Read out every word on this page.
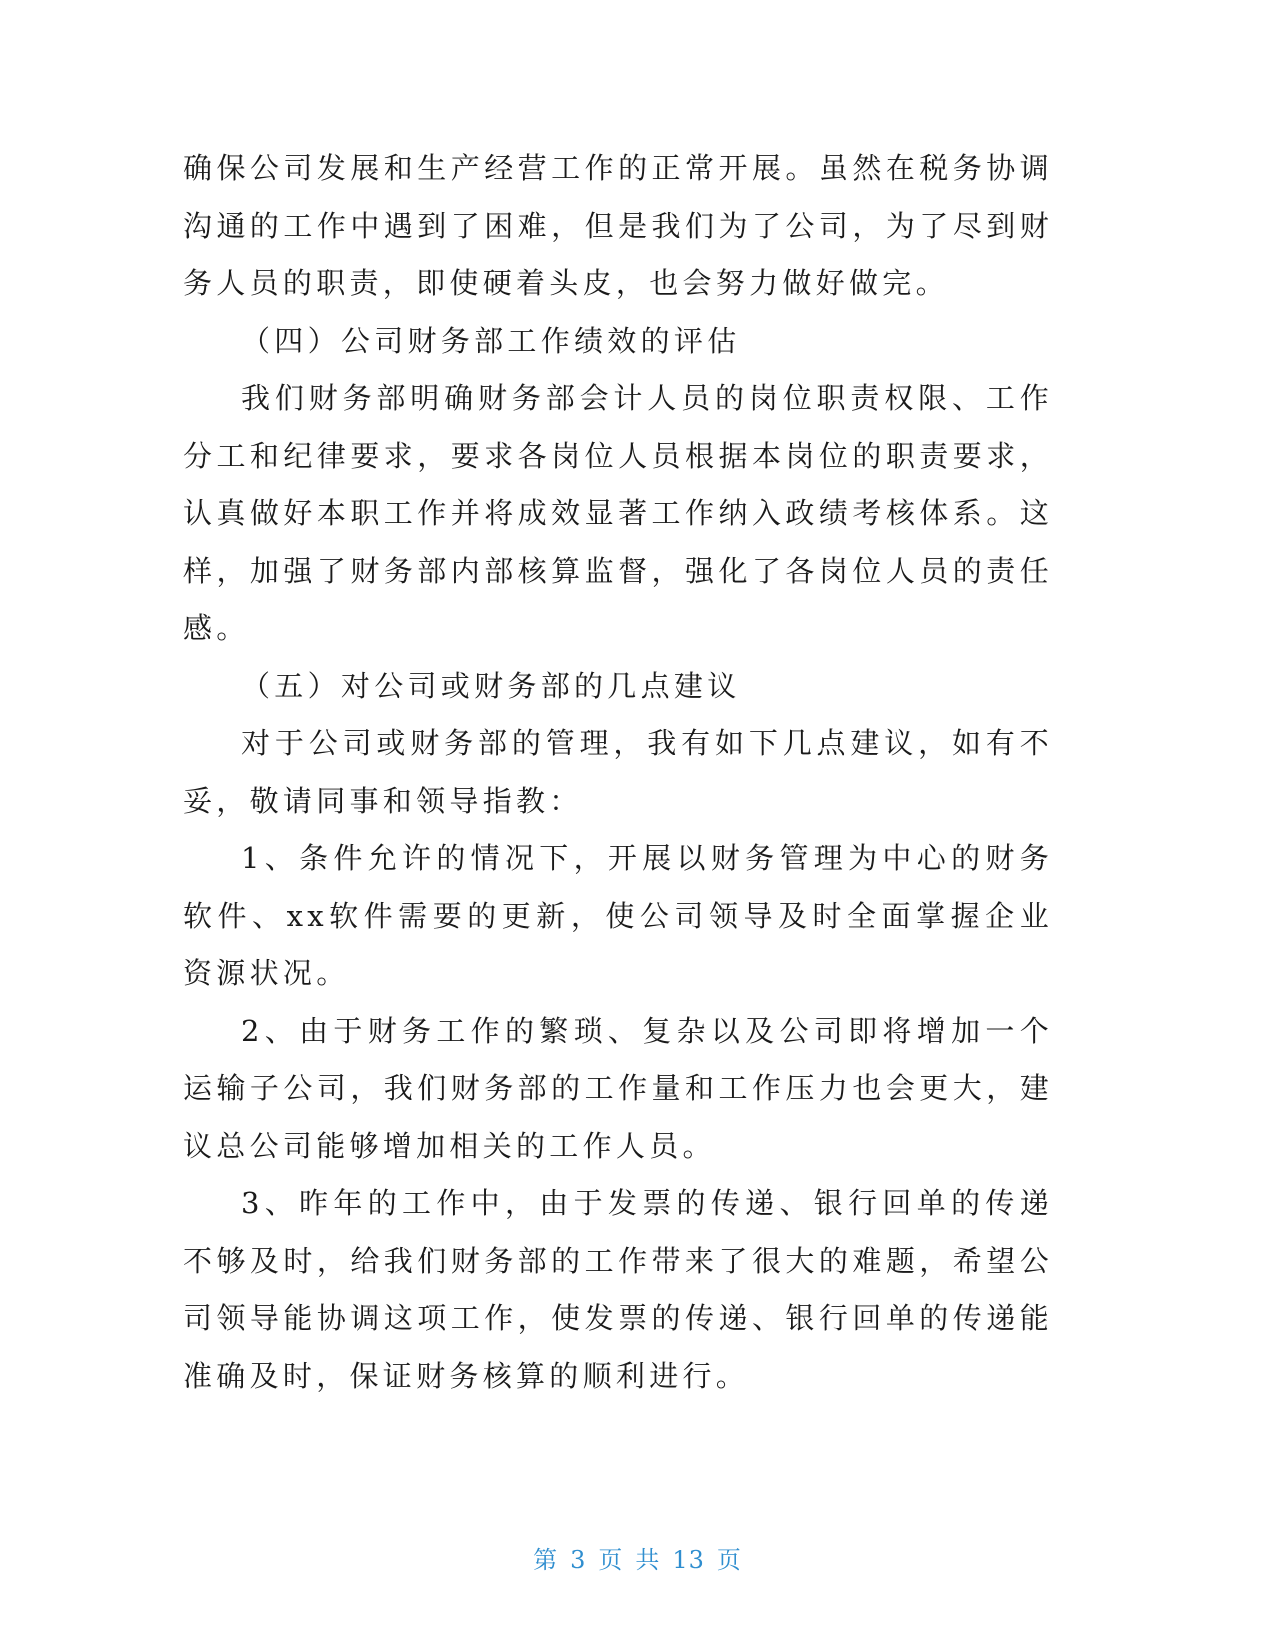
确保公司发展和生产经营工作的正常开展。虽然在税务协调沟通的工作中遇到了困难，但是我们为了公司，为了尽到财务人员的职责，即使硬着头皮，也会努力做好做完。

（四）公司财务部工作绩效的评估

我们财务部明确财务部会计人员的岗位职责权限、工作分工和纪律要求，要求各岗位人员根据本岗位的职责要求，认真做好本职工作并将成效显著工作纳入政绩考核体系。这样，加强了财务部内部核算监督，强化了各岗位人员的责任感。

（五）对公司或财务部的几点建议

对于公司或财务部的管理，我有如下几点建议，如有不妥，敬请同事和领导指教：

1、条件允许的情况下，开展以财务管理为中心的财务软件、xx软件需要的更新，使公司领导及时全面掌握企业资源状况。

2、由于财务工作的繁琐、复杂以及公司即将增加一个运输子公司，我们财务部的工作量和工作压力也会更大，建议总公司能够增加相关的工作人员。

3、昨年的工作中，由于发票的传递、银行回单的传递不够及时，给我们财务部的工作带来了很大的难题，希望公司领导能协调这项工作，使发票的传递、银行回单的传递能准确及时，保证财务核算的顺利进行。

第 3 页 共 13 页
